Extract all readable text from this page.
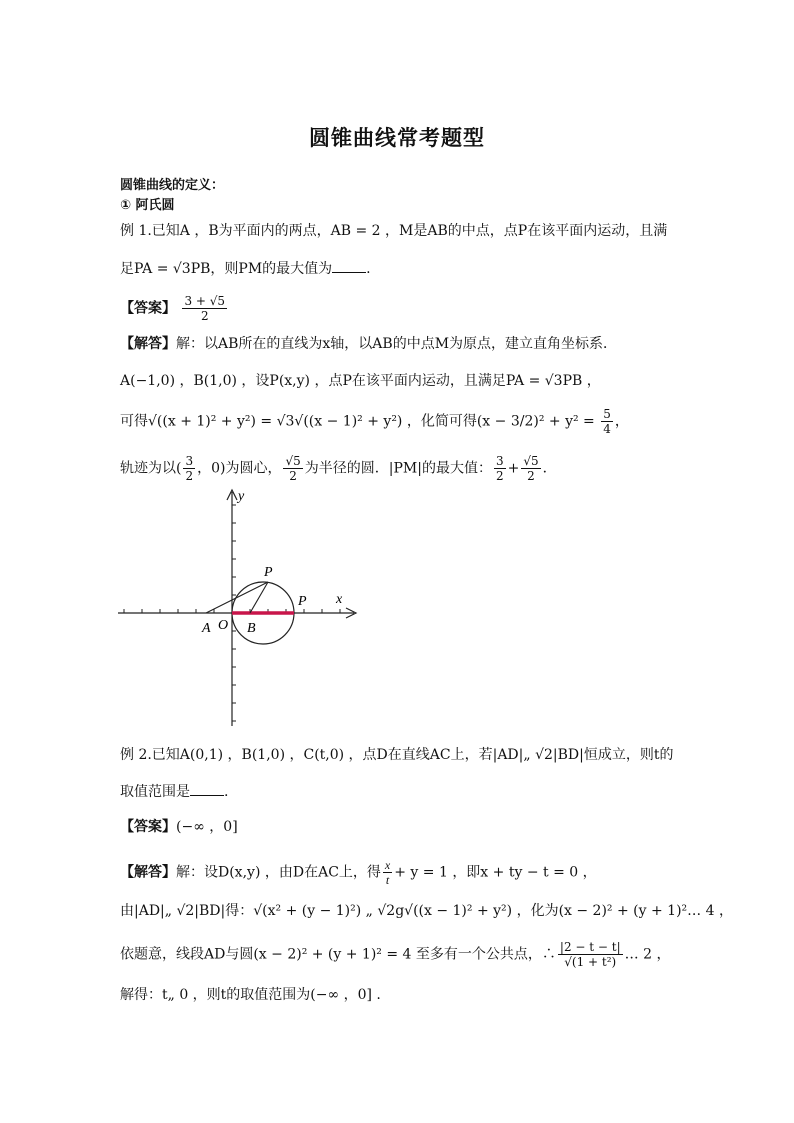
圆锥曲线常考题型
圆锥曲线的定义：
① 阿氏圆
例 1.已知A ，B为平面内的两点，AB = 2 ，M是AB的中点，点P在该平面内运动，且满
足PA = √3PB，则PM的最大值为 .
【答案】 $\frac{3 + √5}{2}$
【解答】解：以AB所在的直线为x轴，以AB的中点M为原点，建立直角坐标系．
A(−1,0) ，B(1,0) ，设P(x,y) ，点P在该平面内运动，且满足PA = √3PB ，
可得√((x + 1)² + y²) = √3√((x − 1)² + y²) ，化简可得$(x - 3/2)^2 + y^2 = \frac{5}{4}$ ，
轨迹为以( $\frac{3}{2}$ ，0)为圆心， $\frac{√5}{2}$ 为半径的圆．|PM|的最大值： $\frac{3}{2} + \frac{√5}{2}$ ．
y
x
P
P
A O B
例 2.已知A(0,1) ，B(1,0) ，C(t,0) ，点D在直线AC上，若|AD|„ √2|BD|恒成立，则t的
取值范围是 .
【答案】(−∞ ，0]
【解答】解：设D(x,y) ，由D在AC上，得 $\frac{x}{t} + y = 1$ ，即x + ty − t = 0 ，
由|AD|„ √2|BD|得：√(x² + (y − 1)²) „ √2g√((x − 1)² + y²) ，化为(x − 2)² + (y + 1)²… 4 ，
依题意，线段AD与圆(x − 2)² + (y + 1)² = 4 至多有一个公共点，∴ $\frac{|2 - t - t|}{\text{√(1 + t²)}}$ … 2 ，
解得：t„ 0 ，则t的取值范围为(−∞ ，0] .
